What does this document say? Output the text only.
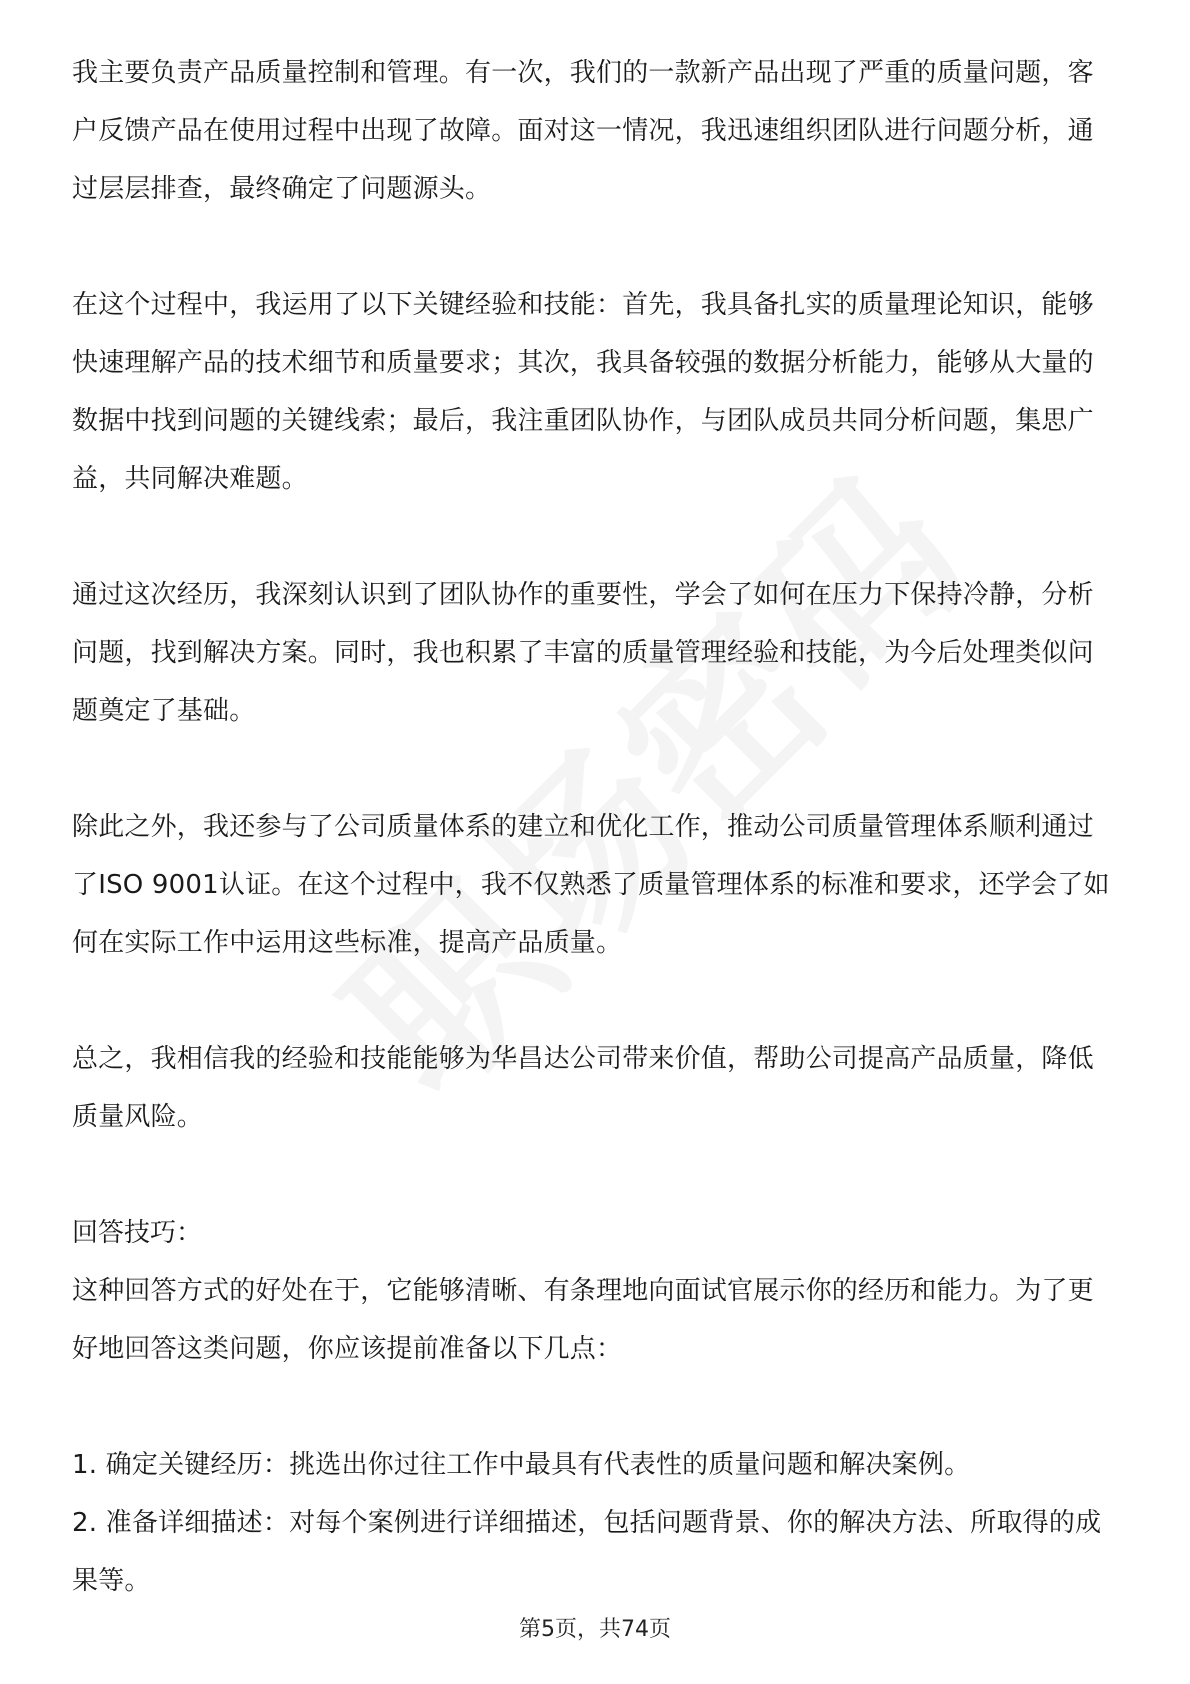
我主要负责产品质量控制和管理。有一次，我们的一款新产品出现了严重的质量问题，客户反馈产品在使用过程中出现了故障。面对这一情况，我迅速组织团队进行问题分析，通过层层排查，最终确定了问题源头。

在这个过程中，我运用了以下关键经验和技能：首先，我具备扎实的质量理论知识，能够快速理解产品的技术细节和质量要求；其次，我具备较强的数据分析能力，能够从大量的数据中找到问题的关键线索；最后，我注重团队协作，与团队成员共同分析问题，集思广益，共同解决难题。

通过这次经历，我深刻认识到了团队协作的重要性，学会了如何在压力下保持冷静，分析问题，找到解决方案。同时，我也积累了丰富的质量管理经验和技能，为今后处理类似问题奠定了基础。

除此之外，我还参与了公司质量体系的建立和优化工作，推动公司质量管理体系顺利通过了ISO 9001认证。在这个过程中，我不仅熟悉了质量管理体系的标准和要求，还学会了如何在实际工作中运用这些标准，提高产品质量。

总之，我相信我的经验和技能能够为华昌达公司带来价值，帮助公司提高产品质量，降低质量风险。

回答技巧：

这种回答方式的好处在于，它能够清晰、有条理地向面试官展示你的经历和能力。为了更好地回答这类问题，你应该提前准备以下几点：

1. 确定关键经历：挑选出你过往工作中最具有代表性的质量问题和解决案例。

2. 准备详细描述：对每个案例进行详细描述，包括问题背景、你的解决方法、所取得的成果等。

第5页，共74页
